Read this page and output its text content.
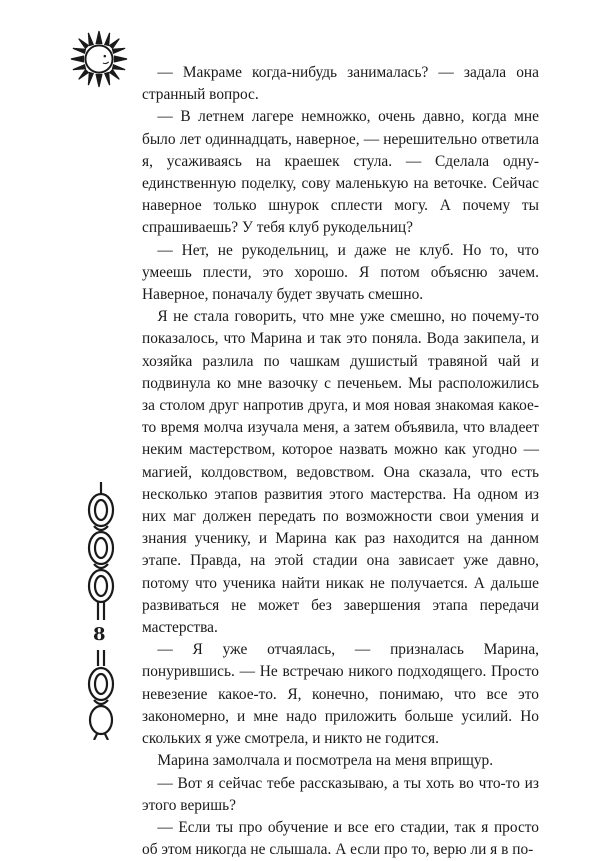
8

— Макраме когда-нибудь занималась? — задала она странный вопрос.

— В летнем лагере немножко, очень давно, когда мне было лет одиннадцать, наверное, — нерешительно ответила я, усаживаясь на краешек стула. — Сделала одну-единственную поделку, сову маленькую на веточке. Сейчас наверное только шнурок сплести могу. А почему ты спрашиваешь? У тебя клуб рукодельниц?

— Нет, не рукодельниц, и даже не клуб. Но то, что умеешь плести, это хорошо. Я потом объясню зачем. Наверное, поначалу будет звучать смешно.

Я не стала говорить, что мне уже смешно, но почему-то показалось, что Марина и так это поняла. Вода закипела, и хозяйка разлила по чашкам душистый травяной чай и подвинула ко мне вазочку с печеньем. Мы расположились за столом друг напротив друга, и моя новая знакомая какое-то время молча изучала меня, а затем объявила, что владеет неким мастерством, которое назвать можно как угодно — магией, колдовством, ведовством. Она сказала, что есть несколько этапов развития этого мастерства. На одном из них маг должен передать по возможности свои умения и знания ученику, и Марина как раз находится на данном этапе. Правда, на этой стадии она зависает уже давно, потому что ученика найти никак не получается. А дальше развиваться не может без завершения этапа передачи мастерства.

— Я уже отчаялась, — призналась Марина, понурившись. — Не встречаю никого подходящего. Просто невезение какое-то. Я, конечно, понимаю, что все это закономерно, и мне надо приложить больше усилий. Но скольких я уже смотрела, и никто не годится.

Марина замолчала и посмотрела на меня вприщур.

— Вот я сейчас тебе рассказываю, а ты хоть во что-то из этого веришь?

— Если ты про обучение и все его стадии, так я просто об этом никогда не слышала. А если про то, верю ли я в по-
